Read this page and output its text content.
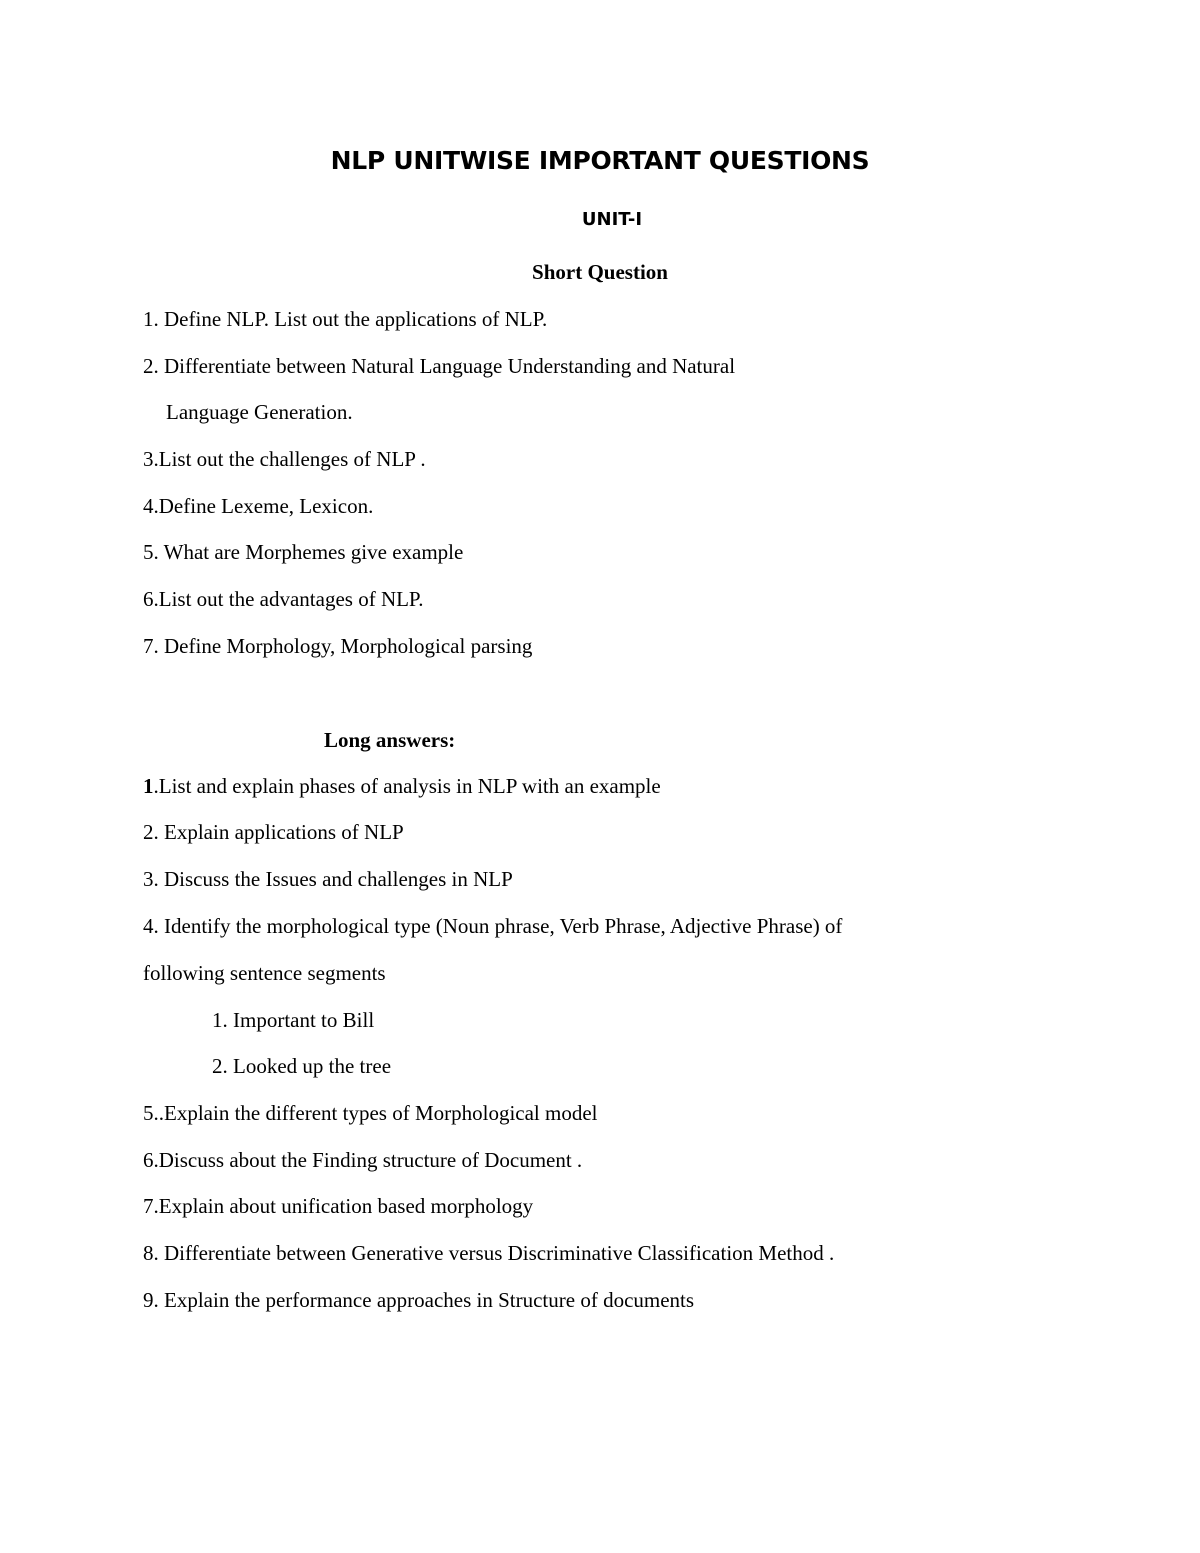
NLP UNITWISE IMPORTANT QUESTIONS
UNIT-I
Short Question
1. Define NLP. List out the applications of NLP.
2. Differentiate between Natural Language Understanding and Natural
Language Generation.
3.List out the challenges of NLP .
4.Define Lexeme, Lexicon.
5. What are Morphemes give example
6.List out the advantages of NLP.
7. Define Morphology, Morphological parsing
Long answers:
1.List and explain phases of analysis in NLP with an example
2. Explain applications of NLP
3. Discuss the Issues and challenges in NLP
4. Identify the morphological type (Noun phrase, Verb Phrase, Adjective Phrase) of
following sentence segments
1. Important to Bill
2. Looked up the tree
5..Explain the different types of Morphological model
6.Discuss about the Finding structure of Document .
7.Explain about unification based morphology
8. Differentiate between Generative versus Discriminative Classification Method .
9. Explain the performance approaches in Structure of documents
